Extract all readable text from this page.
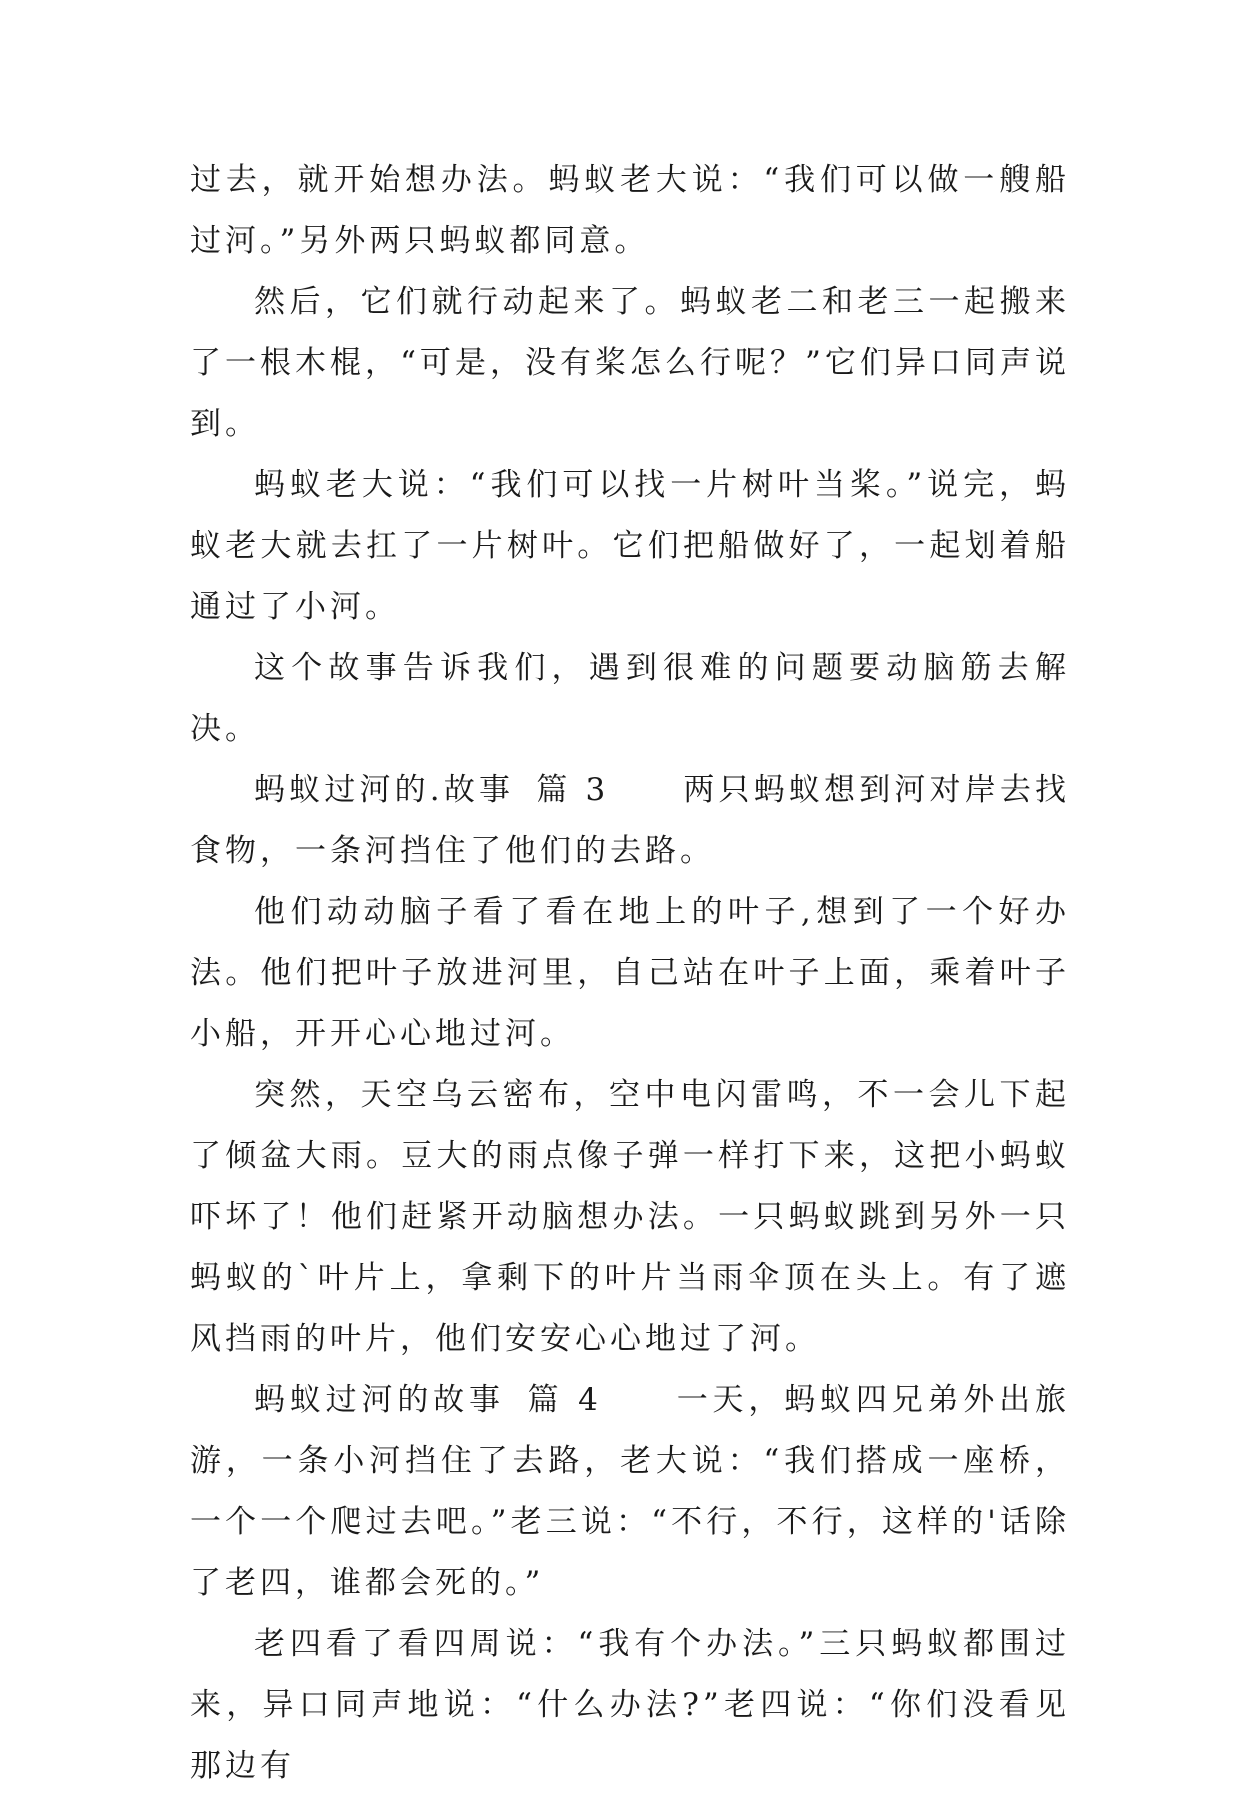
过去，就开始想办法。蚂蚁老大说：“我们可以做一艘船过河。”另外两只蚂蚁都同意。

然后，它们就行动起来了。蚂蚁老二和老三一起搬来了一根木棍，“可是，没有桨怎么行呢？”它们异口同声说到。

蚂蚁老大说：“我们可以找一片树叶当桨。”说完，蚂蚁老大就去扛了一片树叶。它们把船做好了，一起划着船通过了小河。

这个故事告诉我们，遇到很难的问题要动脑筋去解决。

蚂蚁过河的.故事 篇 3 两只蚂蚁想到河对岸去找食物，一条河挡住了他们的去路。

他们动动脑子看了看在地上的叶子,想到了一个好办法。他们把叶子放进河里，自己站在叶子上面，乘着叶子小船，开开心心地过河。

突然，天空乌云密布，空中电闪雷鸣，不一会儿下起了倾盆大雨。豆大的雨点像子弹一样打下来，这把小蚂蚁吓坏了！他们赶紧开动脑想办法。一只蚂蚁跳到另外一只蚂蚁的`叶片上，拿剩下的叶片当雨伞顶在头上。有了遮风挡雨的叶片，他们安安心心地过了河。

蚂蚁过河的故事 篇 4 一天，蚂蚁四兄弟外出旅游，一条小河挡住了去路，老大说：“我们搭成一座桥，一个一个爬过去吧。”老三说：“不行，不行，这样的'话除了老四，谁都会死的。”

老四看了看四周说：“我有个办法。”三只蚂蚁都围过来，异口同声地说：“什么办法?”老四说：“你们没看见那边有
